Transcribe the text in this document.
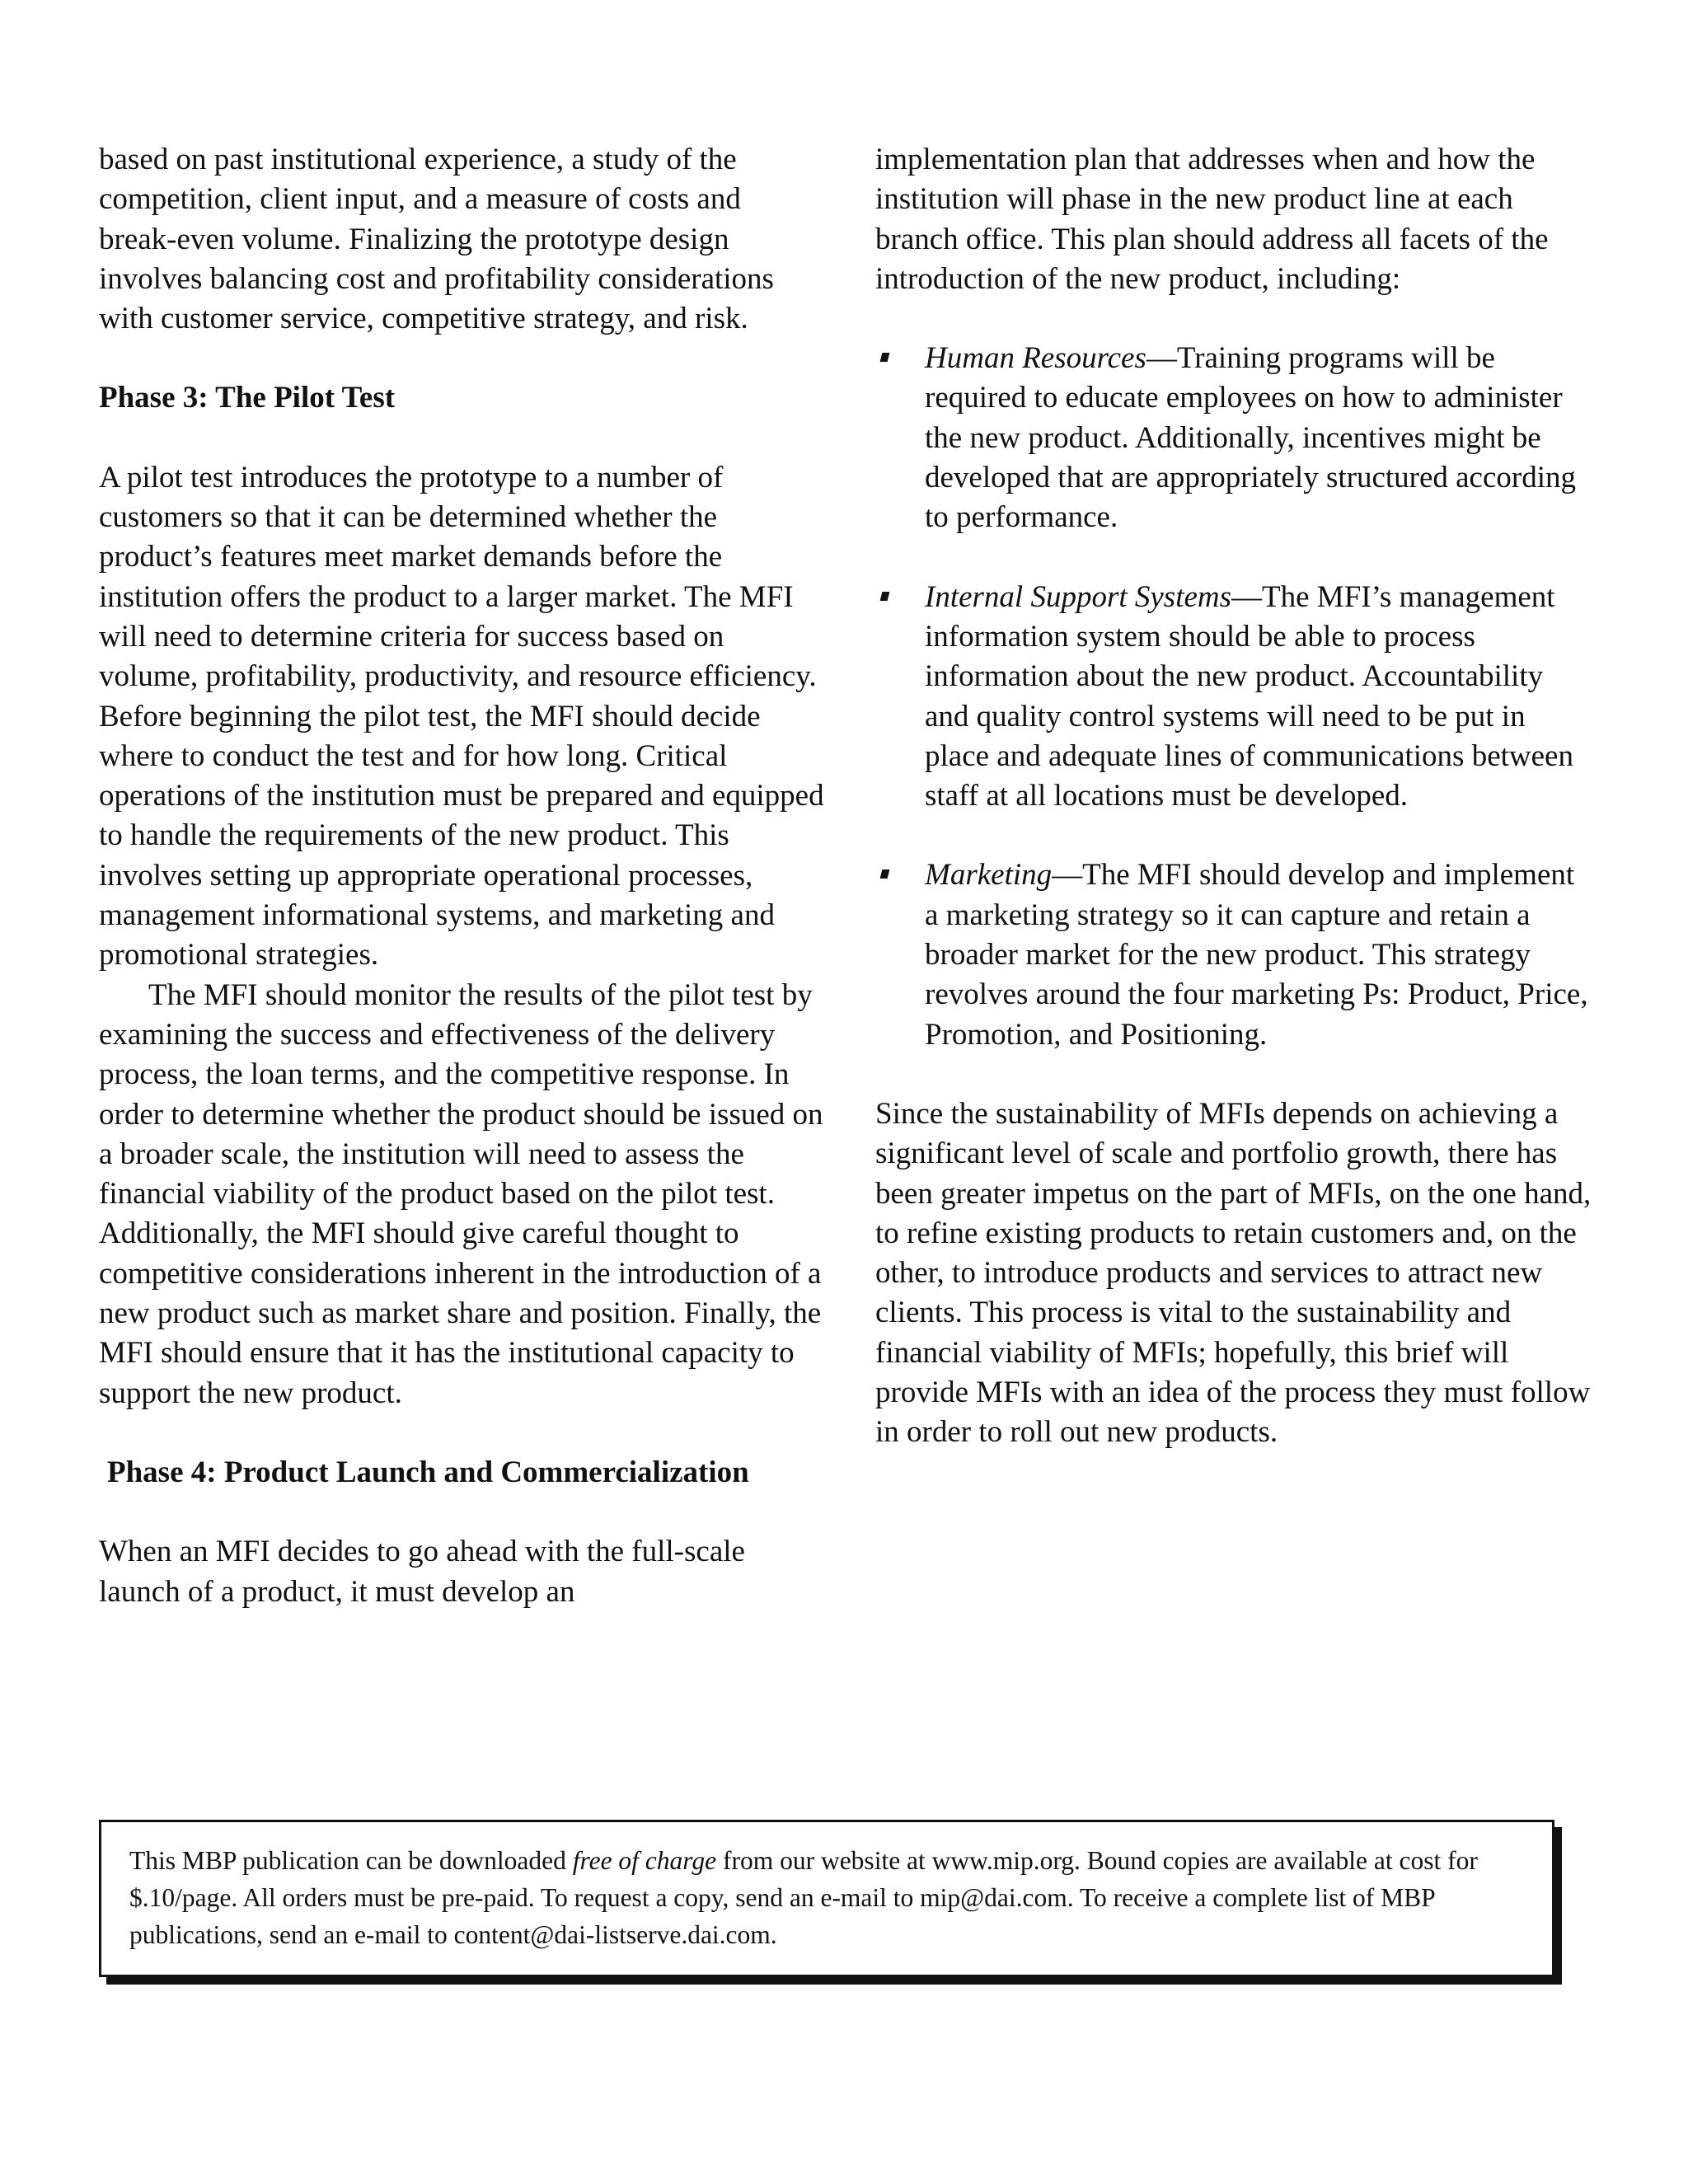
based on past institutional experience, a study of the competition, client input, and a measure of costs and break-even volume. Finalizing the prototype design involves balancing cost and profitability considerations with customer service, competitive strategy, and risk.

Phase 3: The Pilot Test

A pilot test introduces the prototype to a number of customers so that it can be determined whether the product’s features meet market demands before the institution offers the product to a larger market. The MFI will need to determine criteria for success based on volume, profitability, productivity, and resource efficiency. Before beginning the pilot test, the MFI should decide where to conduct the test and for how long. Critical operations of the institution must be prepared and equipped to handle the requirements of the new product. This involves setting up appropriate operational processes, management informational systems, and marketing and promotional strategies.

The MFI should monitor the results of the pilot test by examining the success and effectiveness of the delivery process, the loan terms, and the competitive response. In order to determine whether the product should be issued on a broader scale, the institution will need to assess the financial viability of the product based on the pilot test. Additionally, the MFI should give careful thought to competitive considerations inherent in the introduction of a new product such as market share and position. Finally, the MFI should ensure that it has the institutional capacity to support the new product.

Phase 4: Product Launch and Commercialization

When an MFI decides to go ahead with the full-scale launch of a product, it must develop an

implementation plan that addresses when and how the institution will phase in the new product line at each branch office. This plan should address all facets of the introduction of the new product, including:

Human Resources—Training programs will be required to educate employees on how to administer the new product. Additionally, incentives might be developed that are appropriately structured according to performance.
Internal Support Systems—The MFI’s management information system should be able to process information about the new product. Accountability and quality control systems will need to be put in place and adequate lines of communications between staff at all locations must be developed.
Marketing—The MFI should develop and implement a marketing strategy so it can capture and retain a broader market for the new product. This strategy revolves around the four marketing Ps: Product, Price, Promotion, and Positioning.

Since the sustainability of MFIs depends on achieving a significant level of scale and portfolio growth, there has been greater impetus on the part of MFIs, on the one hand, to refine existing products to retain customers and, on the other, to introduce products and services to attract new clients. This process is vital to the sustainability and financial viability of MFIs; hopefully, this brief will provide MFIs with an idea of the process they must follow in order to roll out new products.

This MBP publication can be downloaded free of charge from our website at www.mip.org. Bound copies are available at cost for $.10/page. All orders must be pre-paid. To request a copy, send an e-mail to mip@dai.com. To receive a complete list of MBP publications, send an e-mail to content@dai-listserve.dai.com.
